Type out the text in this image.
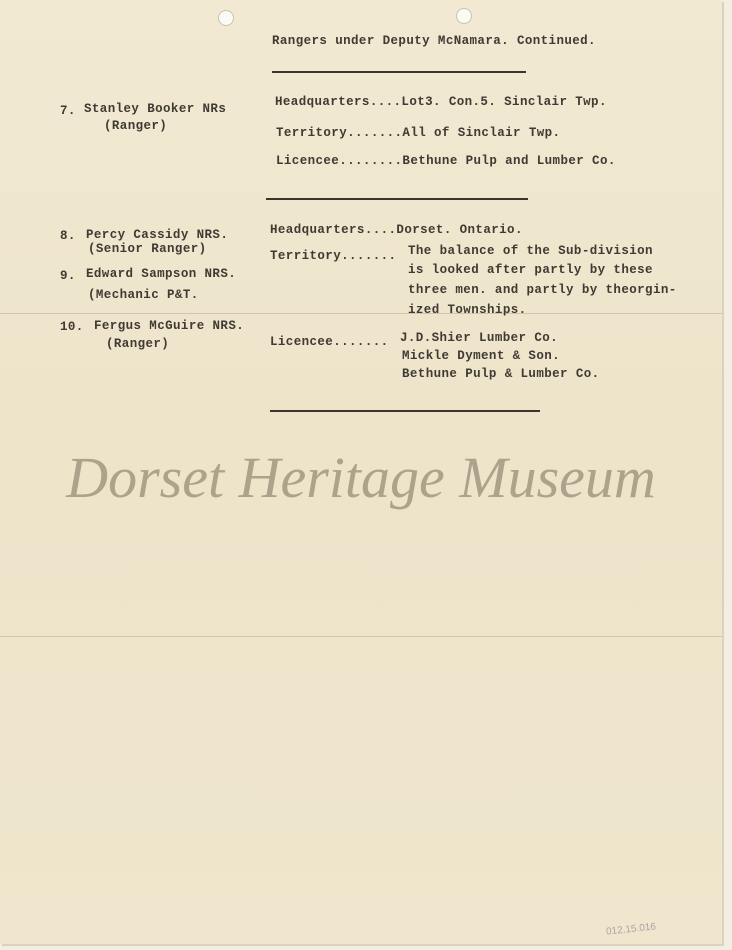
Rangers under Deputy McNamara. Continued.
7. Stanley Booker NRs
(Ranger)
Headquarters....Lot3. Con.5. Sinclair Twp.
Territory.......All of Sinclair Twp.
Licencee........Bethune Pulp and Lumber Co.
8. Percy Cassidy NRS.
(Senior Ranger)
9. Edward Sampson NRS.
(Mechanic P&T.
10. Fergus McGuire NRS.
(Ranger)
Headquarters....Dorset. Ontario.
Territory....... The balance of the Sub-division
is looked after partly by these
three men. and partly by theorgin-
ized Townships.
Licencee....... J.D.Shier Lumber Co.
Mickle Dyment & Son.
Bethune Pulp & Lumber Co.
Dorset Heritage Museum
012.15.016
